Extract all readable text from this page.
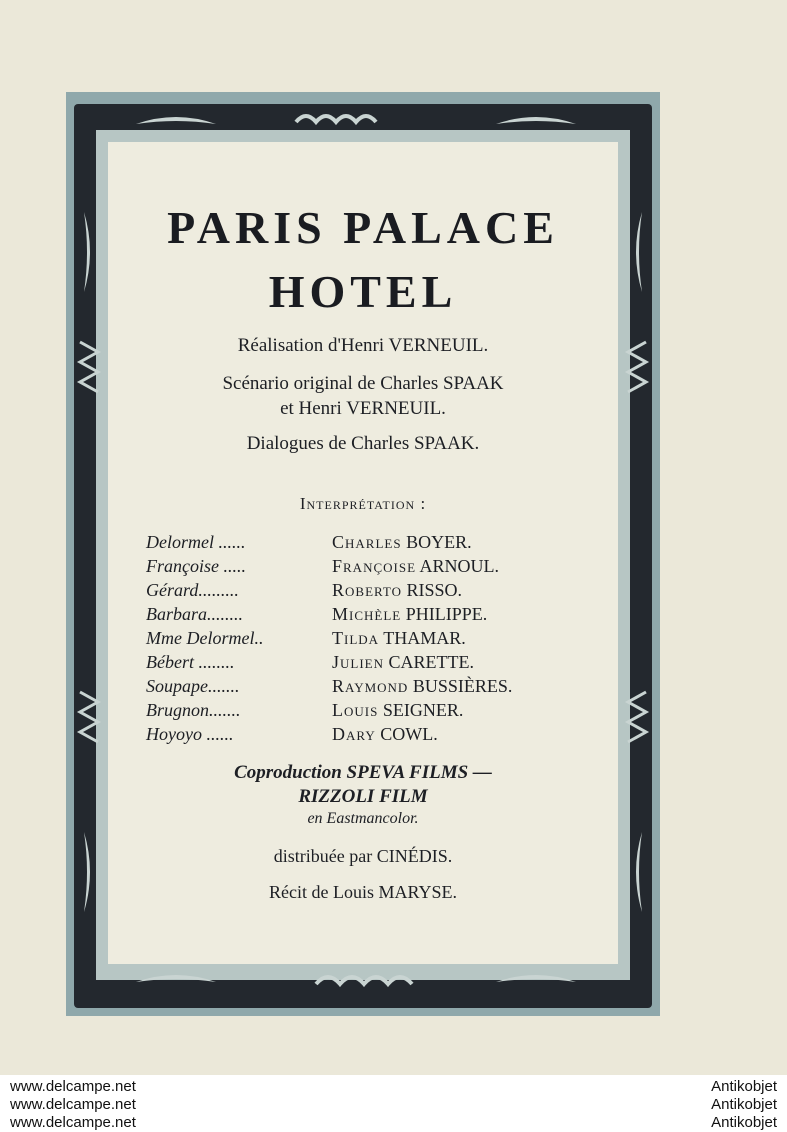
PARIS PALACE
HOTEL
Réalisation d'Henri VERNEUIL.
Scénario original de Charles SPAAK
et Henri VERNEUIL.
Dialogues de Charles SPAAK.
Interprétation :
Delormel ......	Charles BOYER.
Françoise .....	Françoise ARNOUL.
Gérard.........	Roberto RISSO.
Barbara........	Michèle PHILIPPE.
Mme Delormel..	Tilda THAMAR.
Bébert ........	Julien CARETTE.
Soupape.......	Raymond BUSSIÈRES.
Brugnon.......	Louis SEIGNER.
Hoyoyo ......	Dary COWL.
Coproduction SPEVA FILMS —
RIZZOLI FILM
en Eastmancolor.
distribuée par CINÉDIS.
Récit de Louis MARYSE.
www.delcampe.net
www.delcampe.net
www.delcampe.net
Antikobjet
Antikobjet
Antikobjet
